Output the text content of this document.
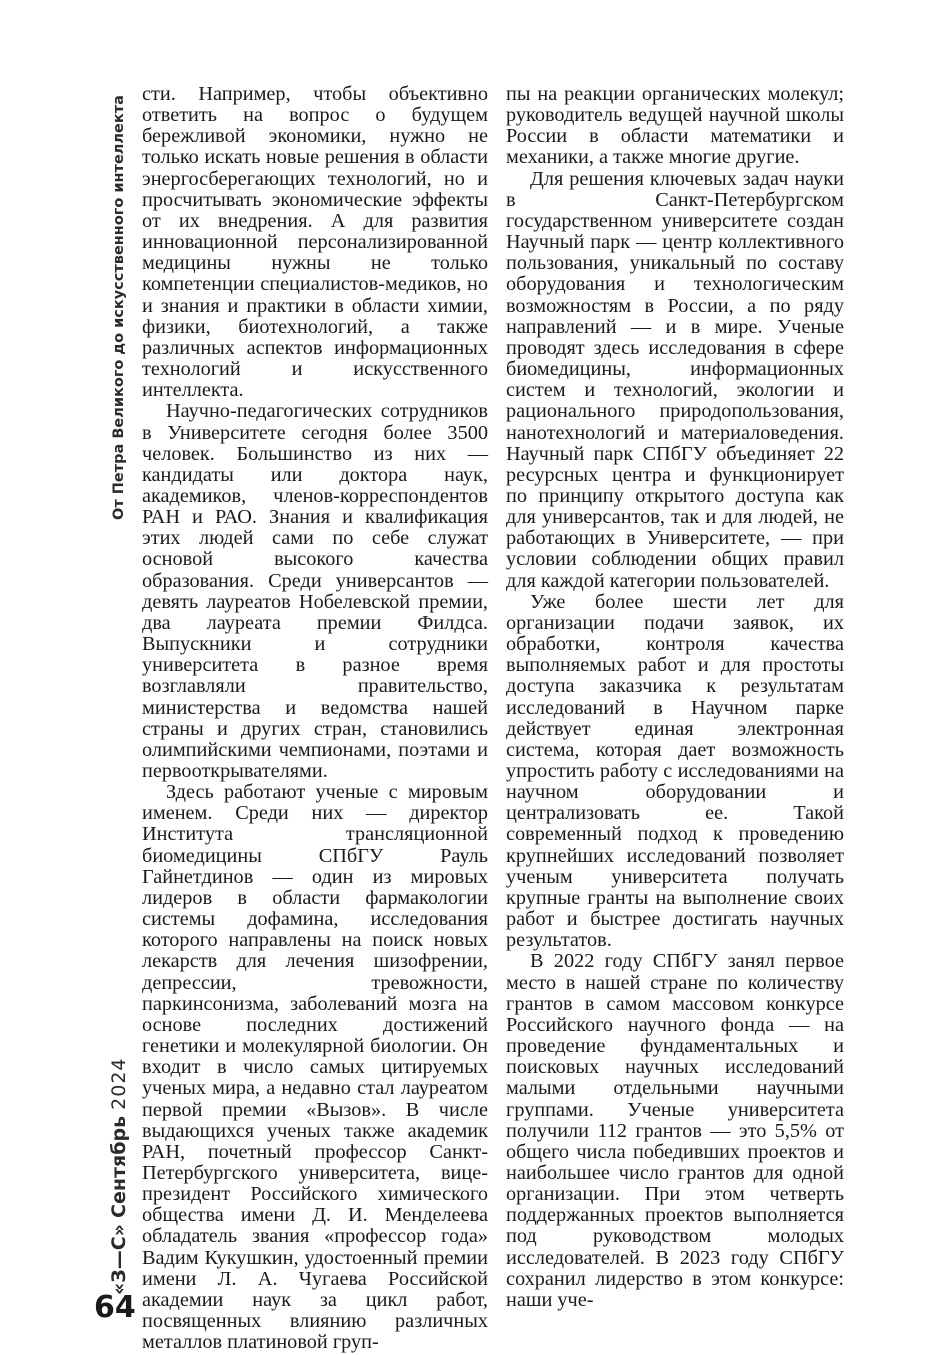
От Петра Великого до искусственного интеллекта
«З—С» Сентябрь 2024
64

сти. Например, чтобы объективно ответить на вопрос о будущем бережливой экономики, нужно не только искать новые решения в области энергосберегающих технологий, но и просчитывать экономические эффекты от их внедрения. А для развития инновационной персонализированной медицины нужны не только компетенции специалистов-медиков, но и знания и практики в области химии, физики, биотехнологий, а также различных аспектов информационных технологий и искусственного интеллекта.

Научно-педагогических сотрудников в Университете сегодня более 3500 человек. Большинство из них — кандидаты или доктора наук, академиков, членов-корреспондентов РАН и РАО. Знания и квалификация этих людей сами по себе служат основой высокого качества образования. Среди универсантов — девять лауреатов Нобелевской премии, два лауреата премии Филдса. Выпускники и сотрудники университета в разное время возглавляли правительство, министерства и ведомства нашей страны и других стран, становились олимпийскими чемпионами, поэтами и первооткрывателями.

Здесь работают ученые с мировым именем. Среди них — директор Института трансляционной биомедицины СПбГУ Рауль Гайнетдинов — один из мировых лидеров в области фармакологии системы дофамина, исследования которого направлены на поиск новых лекарств для лечения шизофрении, депрессии, тревожности, паркинсонизма, заболеваний мозга на основе последних достижений генетики и молекулярной биологии. Он входит в число самых цитируемых ученых мира, а недавно стал лауреатом первой премии «Вызов». В числе выдающихся ученых также академик РАН, почетный профессор Санкт-Петербургского университета, вице-президент Российского химического общества имени Д. И. Менделеева обладатель звания «профессор года» Вадим Кукушкин, удостоенный премии имени Л. А. Чугаева Российской академии наук за цикл работ, посвященных влиянию различных металлов платиновой груп-

пы на реакции органических молекул; руководитель ведущей научной школы России в области математики и механики, а также многие другие.

Для решения ключевых задач науки в Санкт-Петербургском государственном университете создан Научный парк — центр коллективного пользования, уникальный по составу оборудования и технологическим возможностям в России, а по ряду направлений — и в мире. Ученые проводят здесь исследования в сфере биомедицины, информационных систем и технологий, экологии и рационального природопользования, нанотехнологий и материаловедения. Научный парк СПбГУ объединяет 22 ресурсных центра и функционирует по принципу открытого доступа как для универсантов, так и для людей, не работающих в Университете, — при условии соблюдении общих правил для каждой категории пользователей.

Уже более шести лет для организации подачи заявок, их обработки, контроля качества выполняемых работ и для простоты доступа заказчика к результатам исследований в Научном парке действует единая электронная система, которая дает возможность упростить работу с исследованиями на научном оборудовании и централизовать ее. Такой современный подход к проведению крупнейших исследований позволяет ученым университета получать крупные гранты на выполнение своих работ и быстрее достигать научных результатов.

В 2022 году СПбГУ занял первое место в нашей стране по количеству грантов в самом массовом конкурсе Российского научного фонда — на проведение фундаментальных и поисковых научных исследований малыми отдельными научными группами. Ученые университета получили 112 грантов — это 5,5% от общего числа победивших проектов и наибольшее число грантов для одной организации. При этом четверть поддержанных проектов выполняется под руководством молодых исследователей. В 2023 году СПбГУ сохранил лидерство в этом конкурсе: наши уче-
